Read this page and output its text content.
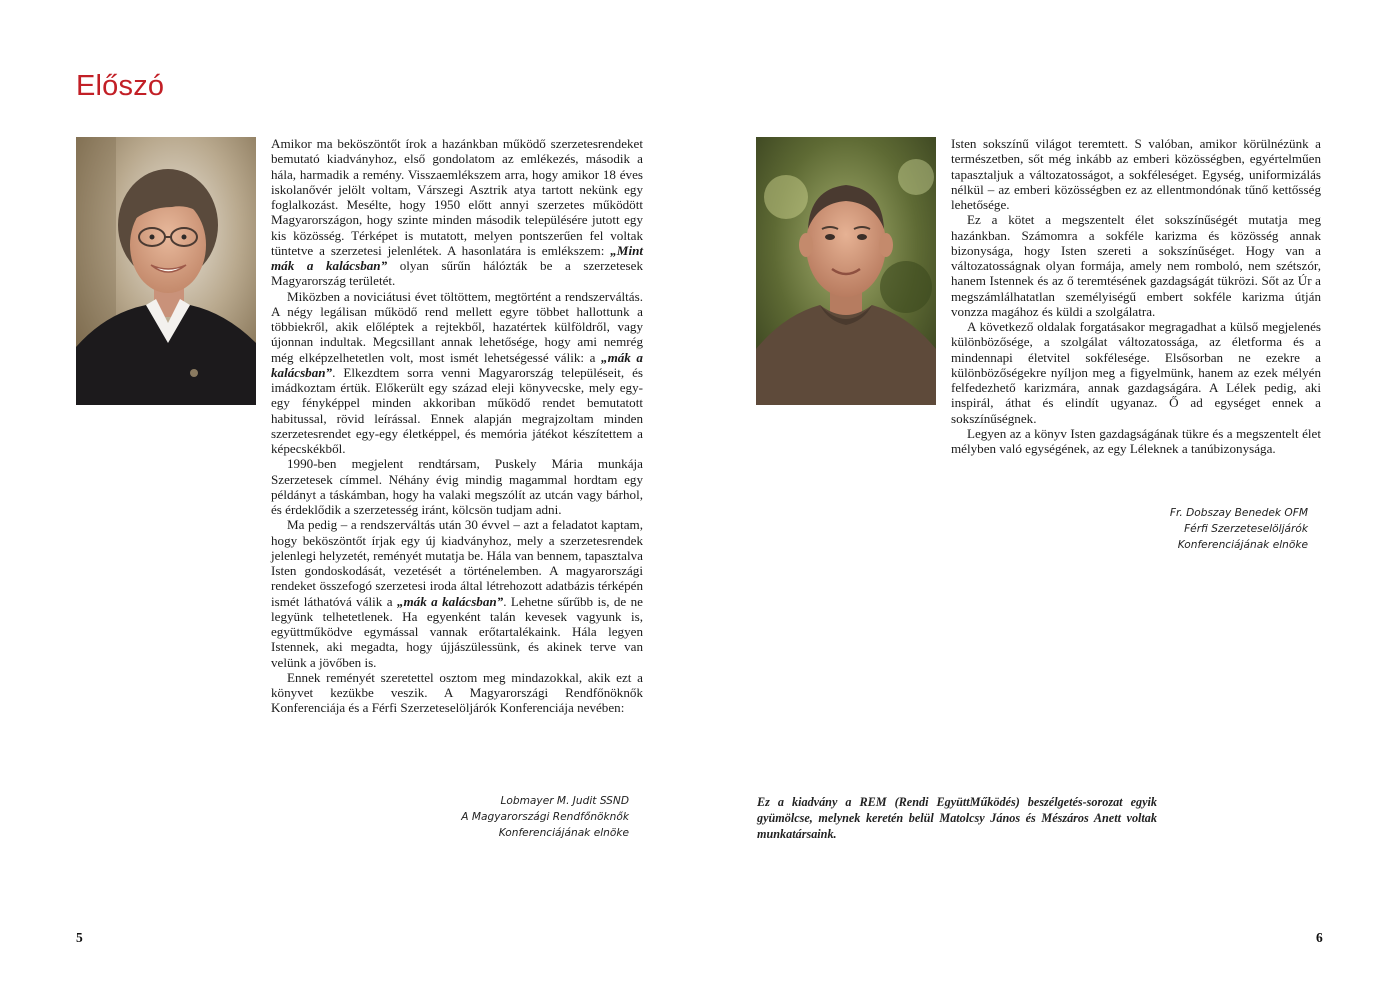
Előszó

Amikor ma beköszöntőt írok a hazánkban működő szerzetesrendeket bemutató kiadványhoz, első gondolatom az emlékezés, második a hála, harmadik a remény. Visszaemlékszem arra, hogy amikor 18 éves iskolanővér jelölt voltam, Várszegi Asztrik atya tartott nekünk egy foglalkozást. Mesélte, hogy 1950 előtt annyi szerzetes működött Magyarországon, hogy szinte minden második településére jutott egy kis közösség. Térképet is mutatott, melyen pontszerűen fel voltak tüntetve a szerzetesi jelenlétek. A hasonlatára is emlékszem: „Mint mák a kalácsban” olyan sűrűn hálózták be a szerzetesek Magyarország területét.

Miközben a noviciátusi évet töltöttem, megtörtént a rendszerváltás. A négy legálisan működő rend mellett egyre többet hallottunk a többiekről, akik előléptek a rejtekből, hazatértek külföldről, vagy újonnan indultak. Megcsillant annak lehetősége, hogy ami nemrég még elképzelhetetlen volt, most ismét lehetségessé válik: a „mák a kalácsban”. Elkezdtem sorra venni Magyarország településeit, és imádkoztam értük. Előkerült egy század eleji könyvecske, mely egy-egy fényképpel minden akkoriban működő rendet bemutatott habitussal, rövid leírással. Ennek alapján megrajzoltam minden szerzetesrendet egy-egy életképpel, és memória játékot készítettem a képecskékből.

1990-ben megjelent rendtársam, Puskely Mária munkája Szerzetesek címmel. Néhány évig mindig magammal hordtam egy példányt a táskámban, hogy ha valaki megszólít az utcán vagy bárhol, és érdeklődik a szerzetesség iránt, kölcsön tudjam adni.

Ma pedig – a rendszerváltás után 30 évvel – azt a feladatot kaptam, hogy beköszöntőt írjak egy új kiadványhoz, mely a szerzetesrendek jelenlegi helyzetét, reményét mutatja be. Hála van bennem, tapasztalva Isten gondoskodását, vezetését a történelemben. A magyarországi rendeket összefogó szerzetesi iroda által létrehozott adatbázis térképén ismét láthatóvá válik a „mák a kalácsban”. Lehetne sűrűbb is, de ne legyünk telhetetlenek. Ha egyenként talán kevesek vagyunk is, együttműködve egymással vannak erőtartalékaink. Hála legyen Istennek, aki megadta, hogy újjászülessünk, és akinek terve van velünk a jövőben is.

Ennek reményét szeretettel osztom meg mindazokkal, akik ezt a könyvet kezükbe veszik. A Magyarországi Rendfőnöknők Konferenciája és a Férfi Szerzeteselöljárók Konferenciája nevében:

Lobmayer M. Judit SSND
A Magyarországi Rendfőnöknők
Konferenciájának elnöke
5

Isten sokszínű világot teremtett. S valóban, amikor körülnézünk a természetben, sőt még inkább az emberi közösségben, egyértelműen tapasztaljuk a változatosságot, a sokféleséget. Egység, uniformizálás nélkül – az emberi közösségben ez az ellentmondónak tűnő kettősség lehetősége.

Ez a kötet a megszentelt élet sokszínűségét mutatja meg hazánkban. Számomra a sokféle karizma és közösség annak bizonysága, hogy Isten szereti a sokszínűséget. Hogy van a változatosságnak olyan formája, amely nem romboló, nem szétszór, hanem Istennek és az ő teremtésének gazdagságát tükrözi. Sőt az Úr a megszámlálhatatlan személyiségű embert sokféle karizma útján vonzza magához és küldi a szolgálatra.

A következő oldalak forgatásakor megragadhat a külső megjelenés különbözősége, a szolgálat változatossága, az életforma és a mindennapi életvitel sokfélesége. Elsősorban ne ezekre a különbözőségekre nyíljon meg a figyelmünk, hanem az ezek mélyén felfedezhető karizmára, annak gazdagságára. A Lélek pedig, aki inspirál, áthat és elindít ugyanaz. Ő ad egységet ennek a sokszínűségnek.

Legyen az a könyv Isten gazdagságának tükre és a megszentelt élet mélyben való egységének, az egy Léleknek a tanúbizonysága.

Fr. Dobszay Benedek OFM
Férfi Szerzeteselöljárók
Konferenciájának elnöke
Ez a kiadvány a REM (Rendi EgyüttMűködés) beszélgetés-sorozat egyik gyümölcse, melynek keretén belül Matolcsy János és Mészáros Anett voltak munkatársaink.
6
